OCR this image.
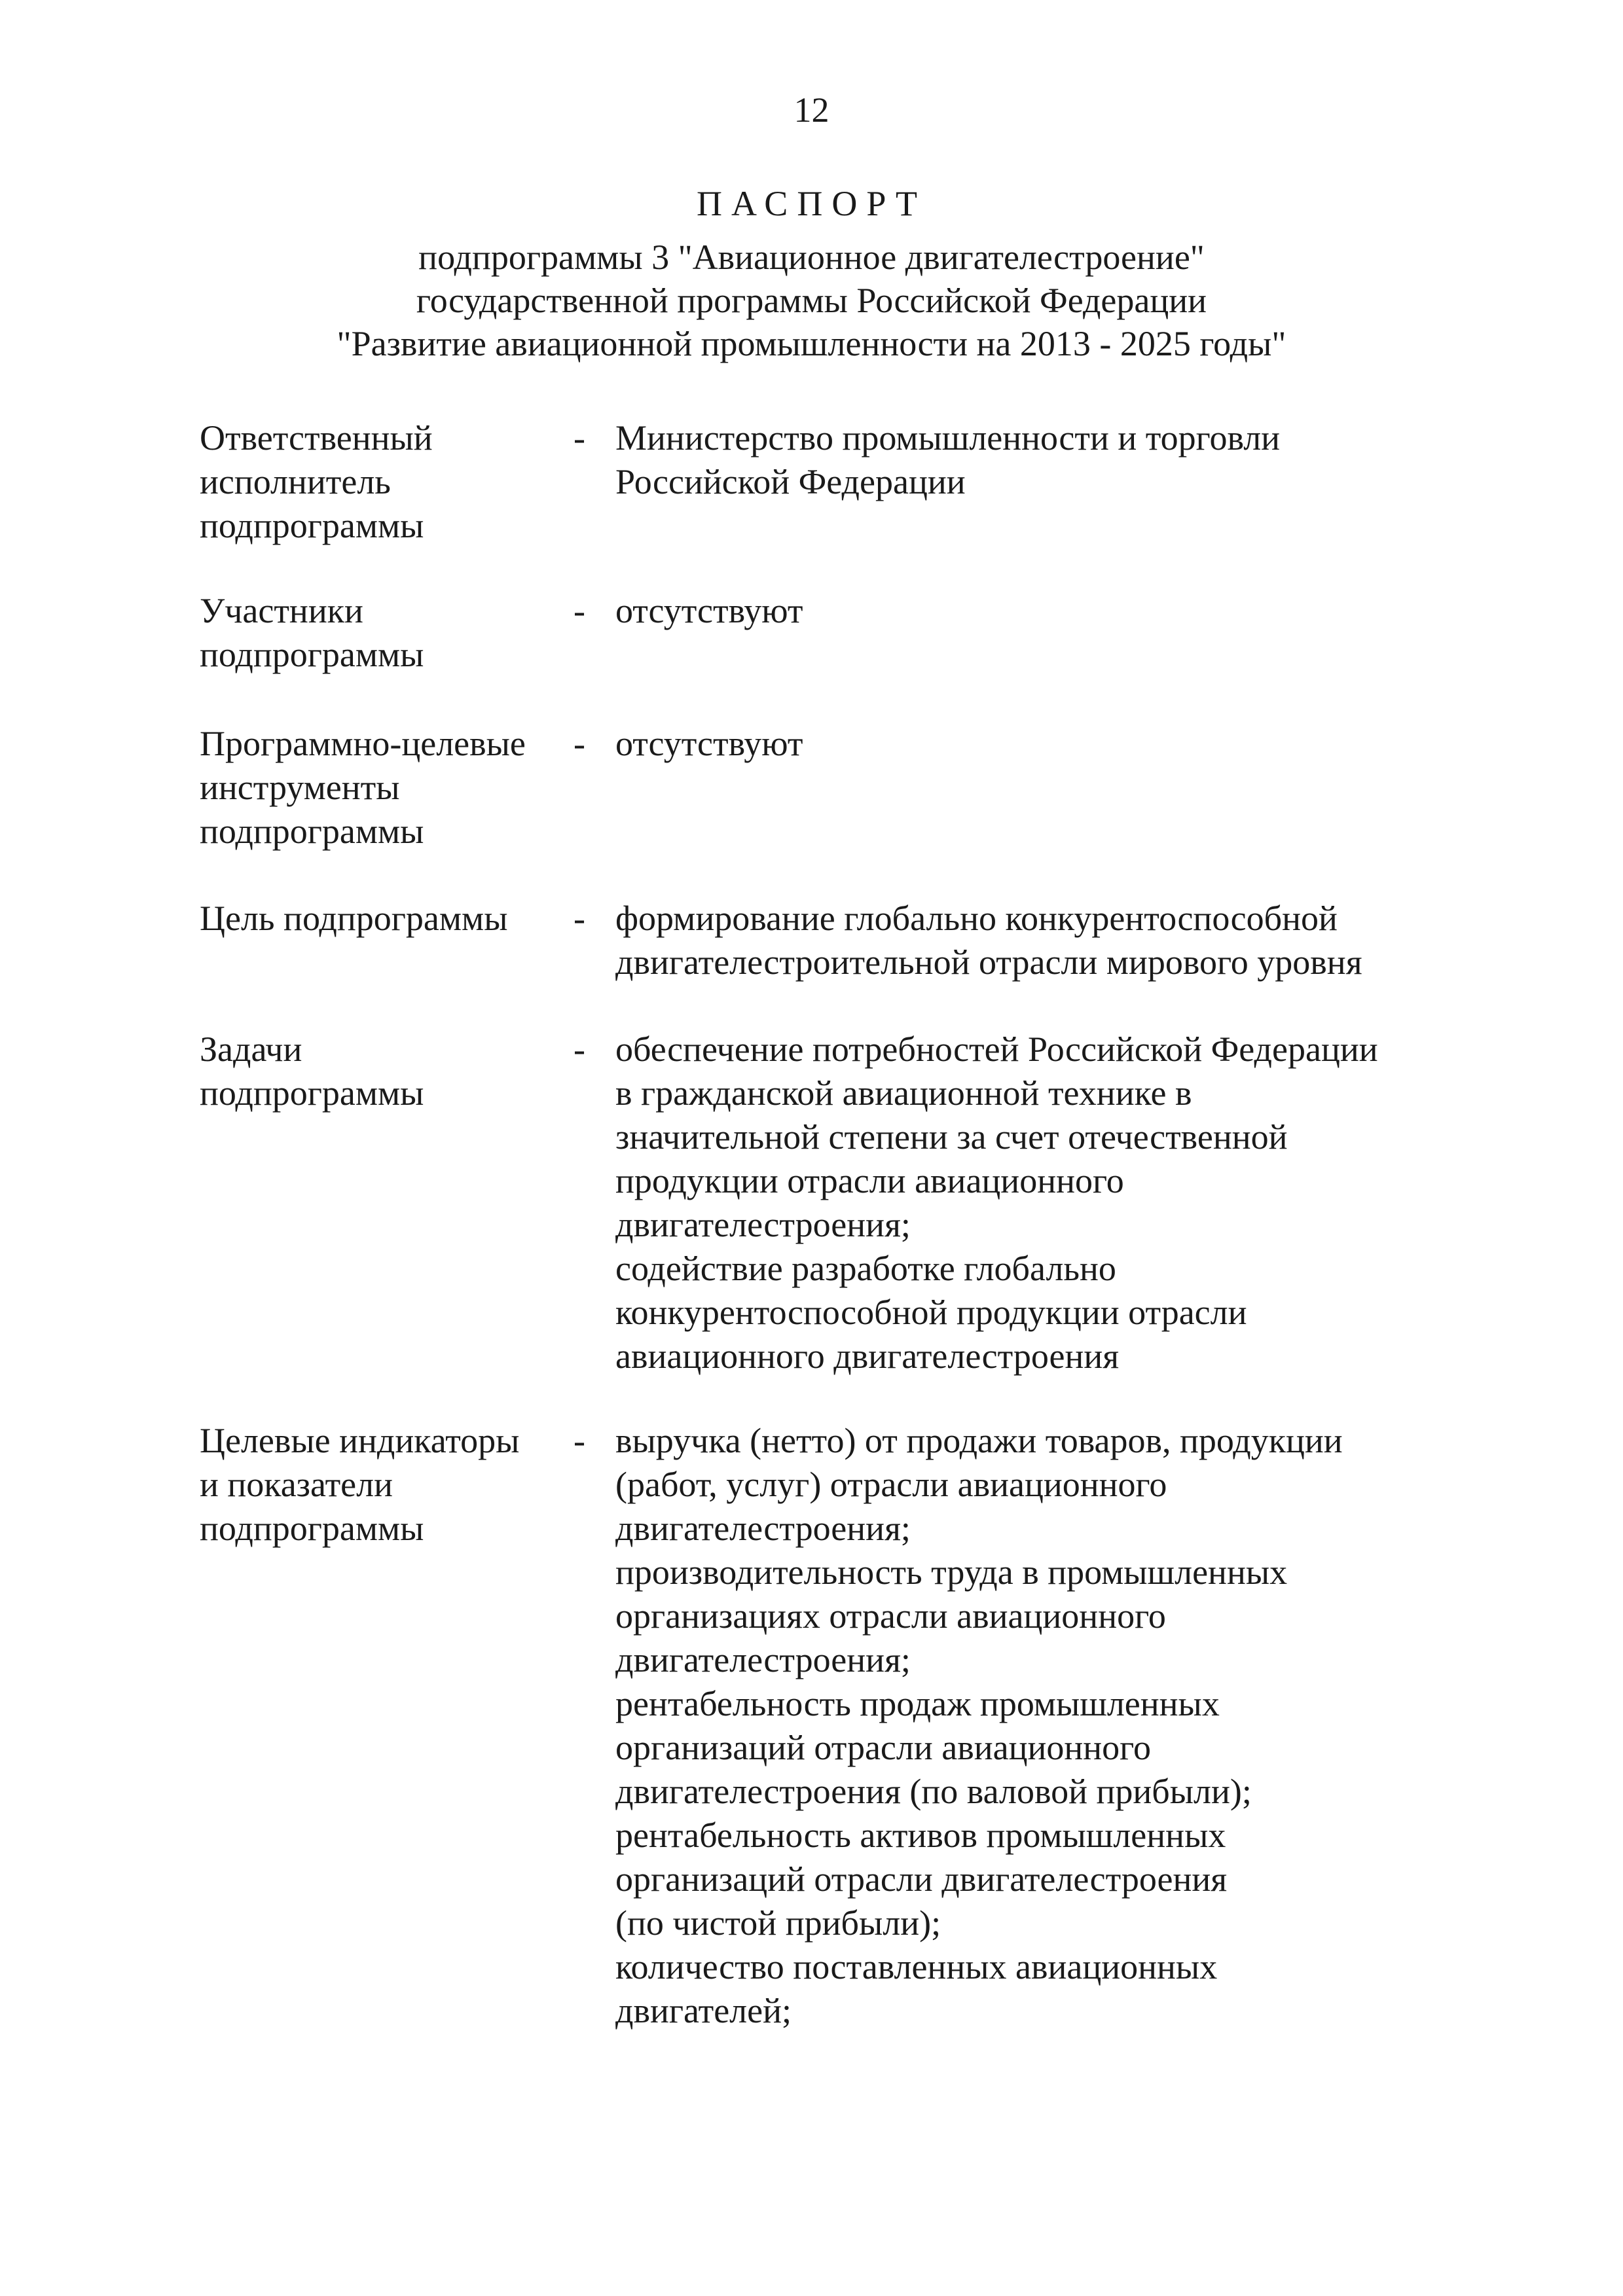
12
ПАСПОРТ
подпрограммы 3 "Авиационное двигателестроение"
государственной программы Российской Федерации
"Развитие авиационной промышленности на 2013 - 2025 годы"
Ответственный
исполнитель
подпрограммы
- Министерство промышленности и торговли
Российской Федерации
Участники
подпрограммы
- отсутствуют
Программно-целевые
инструменты
подпрограммы
- отсутствуют
Цель подпрограммы	- формирование глобально конкурентоспособной
двигателестроительной отрасли мирового уровня
Задачи
подпрограммы
- обеспечение потребностей Российской Федерации
в гражданской авиационной технике в
значительной степени за счет отечественной
продукции отрасли авиационного
двигателестроения;
содействие разработке глобально
конкурентоспособной продукции отрасли
авиационного двигателестроения
Целевые индикаторы
и показатели
подпрограммы
- выручка (нетто) от продажи товаров, продукции
(работ, услуг) отрасли авиационного
двигателестроения;
производительность труда в промышленных
организациях отрасли авиационного
двигателестроения;
рентабельность продаж промышленных
организаций отрасли авиационного
двигателестроения (по валовой прибыли);
рентабельность активов промышленных
организаций отрасли двигателестроения
(по чистой прибыли);
количество поставленных авиационных
двигателей;
